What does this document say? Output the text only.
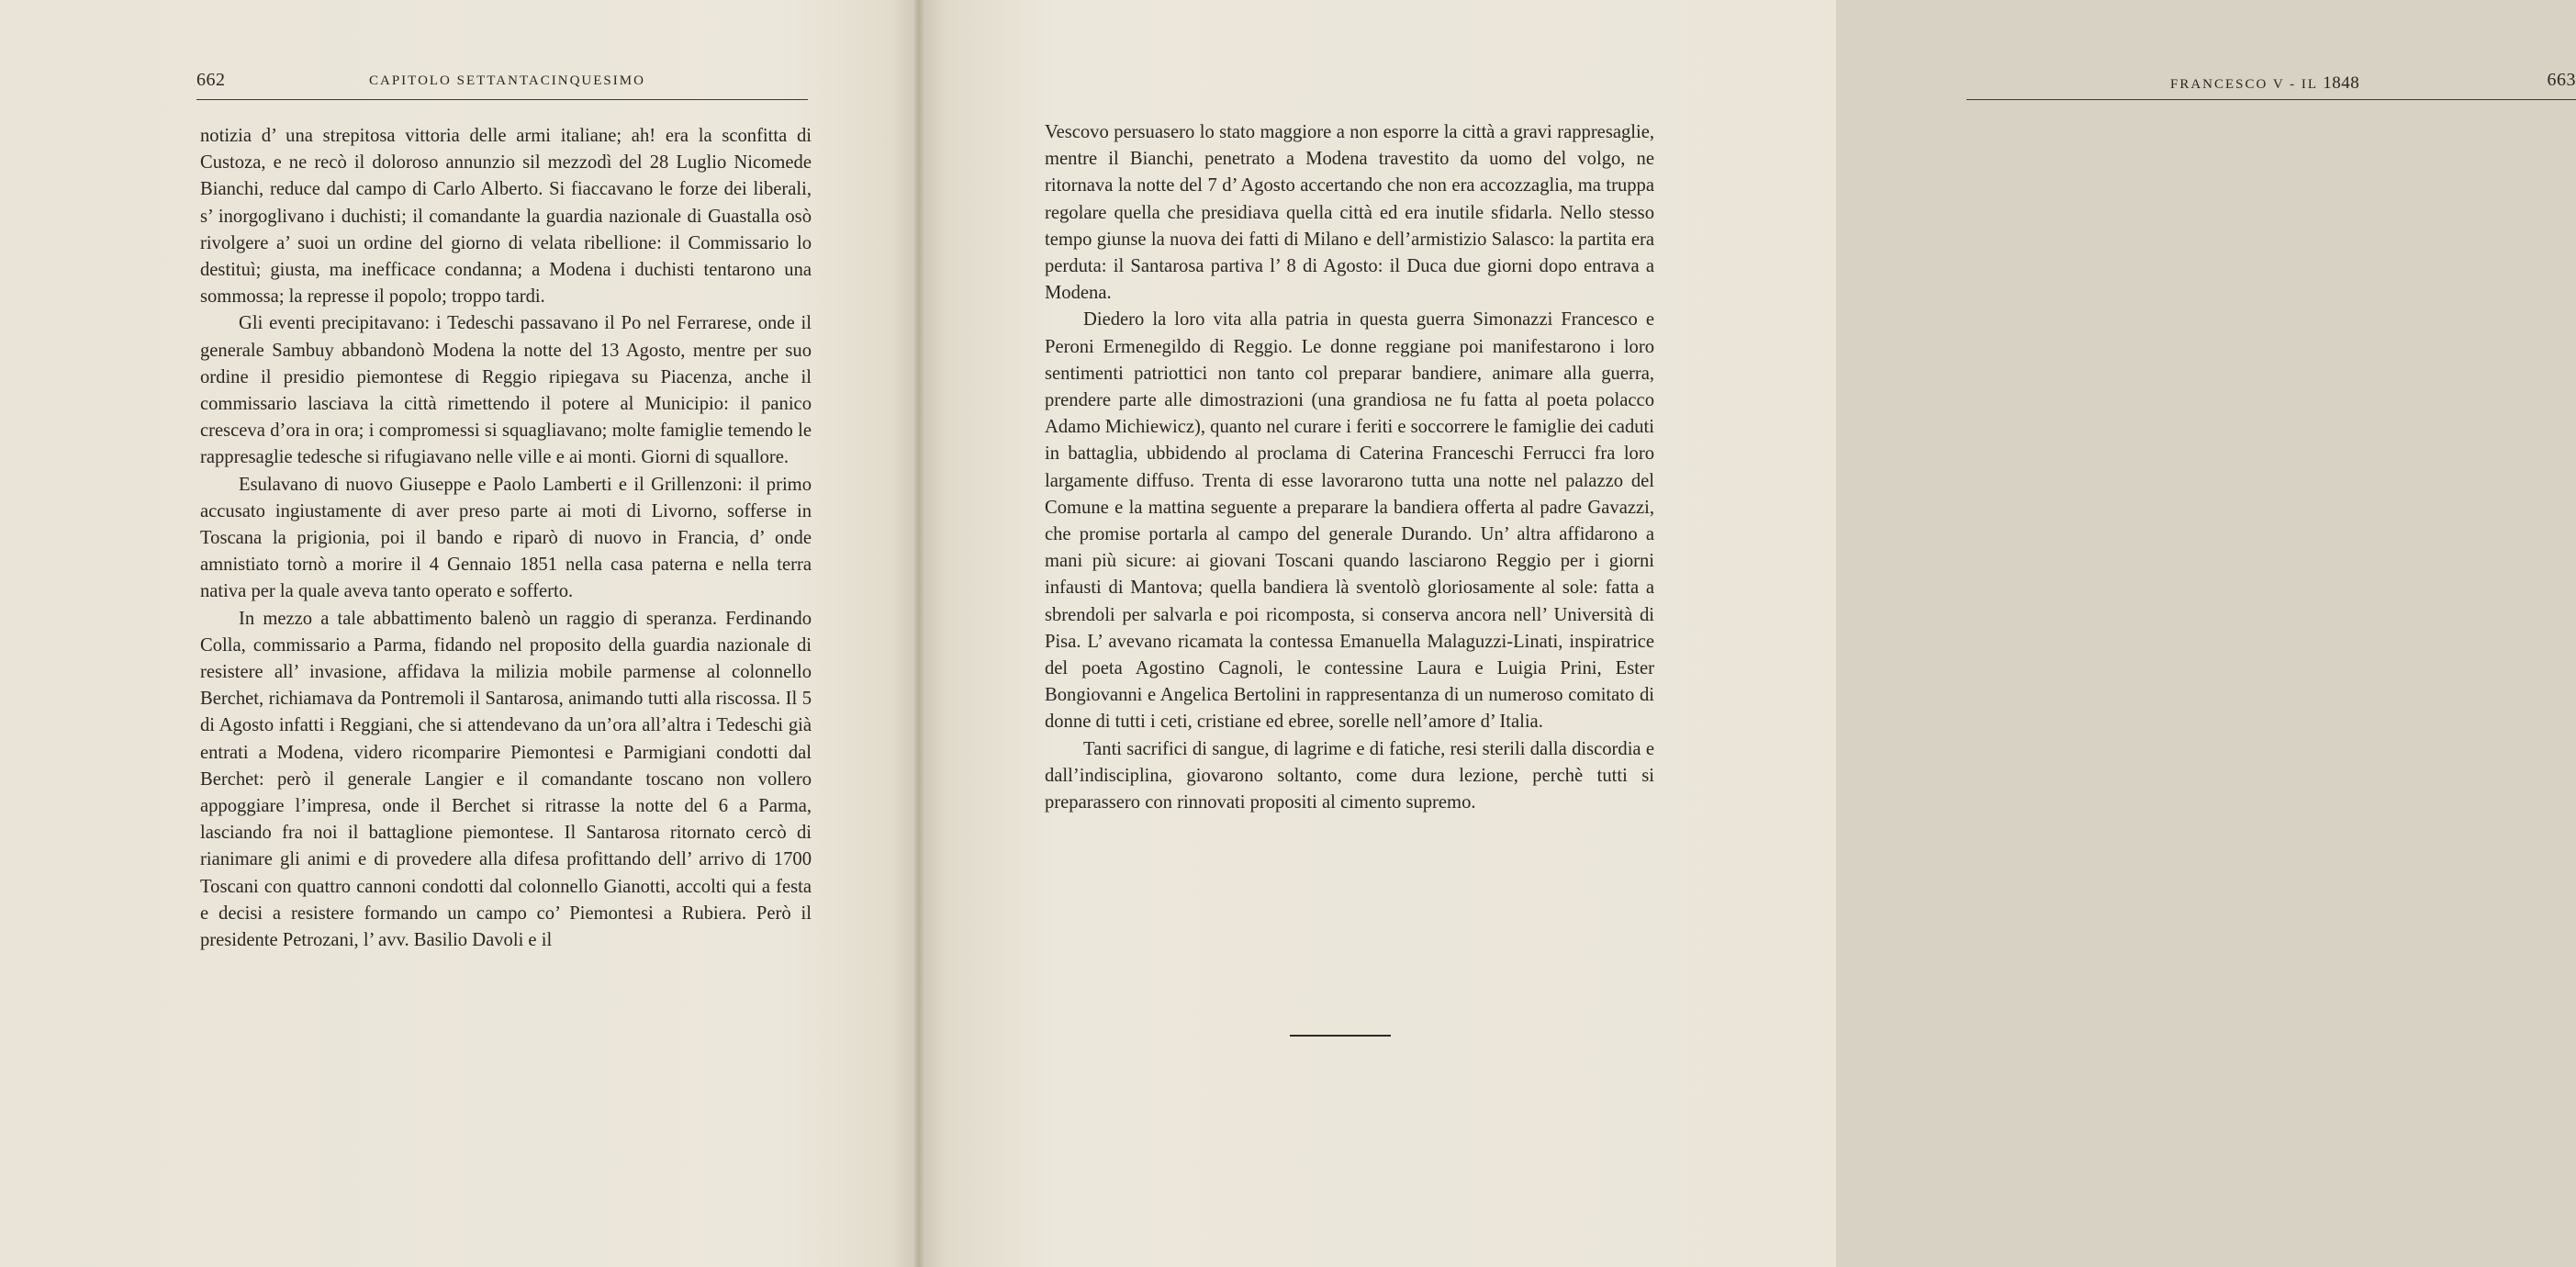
662	CAPITOLO SETTANTACINQUESIMO

notizia d’ una strepitosa vittoria delle armi italiane; ah! era la sconfitta di Custoza, e ne recò il doloroso annunzio sil mezzodì del 28 Luglio Nicomede Bianchi, reduce dal campo di Carlo Alberto. Si fiaccavano le forze dei liberali, s’ inorgoglivano i duchisti; il comandante la guardia nazionale di Guastalla osò rivolgere a’ suoi un ordine del giorno di velata ribellione: il Commissario lo destituì; giusta, ma inefficace condanna; a Modena i duchisti tentarono una sommossa; la represse il popolo; troppo tardi.

Gli eventi precipitavano: i Tedeschi passavano il Po nel Ferrarese, onde il generale Sambuy abbandonò Modena la notte del 13 Agosto, mentre per suo ordine il presidio piemontese di Reggio ripiegava su Piacenza, anche il commissario lasciava la città rimettendo il potere al Municipio: il panico cresceva d’ora in ora; i compromessi si squagliavano; molte famiglie temendo le rappresaglie tedesche si rifugiavano nelle ville e ai monti. Giorni di squallore.

Esulavano di nuovo Giuseppe e Paolo Lamberti e il Grillenzoni: il primo accusato ingiustamente di aver preso parte ai moti di Livorno, sofferse in Toscana la prigionia, poi il bando e riparò di nuovo in Francia, d’ onde amnistiato tornò a morire il 4 Gennaio 1851 nella casa paterna e nella terra nativa per la quale aveva tanto operato e sofferto.

In mezzo a tale abbattimento balenò un raggio di speranza. Ferdinando Colla, commissario a Parma, fidando nel proposito della guardia nazionale di resistere all’ invasione, affidava la milizia mobile parmense al colonnello Berchet, richiamava da Pontremoli il Santarosa, animando tutti alla riscossa. Il 5 di Agosto infatti i Reggiani, che si attendevano da un’ora all’altra i Tedeschi già entrati a Modena, videro ricomparire Piemontesi e Parmigiani condotti dal Berchet: però il generale Langier e il comandante toscano non vollero appoggiare l’impresa, onde il Berchet si ritrasse la notte del 6 a Parma, lasciando fra noi il battaglione piemontese. Il Santarosa ritornato cercò di rianimare gli animi e di provedere alla difesa profittando dell’ arrivo di 1700 Toscani con quattro cannoni condotti dal colonnello Gianotti, accolti qui a festa e decisi a resistere formando un campo co’ Piemontesi a Rubiera. Però il presidente Petrozani, l’ avv. Basilio Davoli e il

FRANCESCO V - IL 1848	663

Vescovo persuasero lo stato maggiore a non esporre la città a gravi rappresaglie, mentre il Bianchi, penetrato a Modena travestito da uomo del volgo, ne ritornava la notte del 7 d’ Agosto accertando che non era accozzaglia, ma truppa regolare quella che presidiava quella città ed era inutile sfidarla. Nello stesso tempo giunse la nuova dei fatti di Milano e dell’armistizio Salasco: la partita era perduta: il Santarosa partiva l’ 8 di Agosto: il Duca due giorni dopo entrava a Modena.

Diedero la loro vita alla patria in questa guerra Simonazzi Francesco e Peroni Ermenegildo di Reggio. Le donne reggiane poi manifestarono i loro sentimenti patriottici non tanto col preparar bandiere, animare alla guerra, prendere parte alle dimostrazioni (una grandiosa ne fu fatta al poeta polacco Adamo Michiewicz), quanto nel curare i feriti e soccorrere le famiglie dei caduti in battaglia, ubbidendo al proclama di Caterina Franceschi Ferrucci fra loro largamente diffuso. Trenta di esse lavorarono tutta una notte nel palazzo del Comune e la mattina seguente a preparare la bandiera offerta al padre Gavazzi, che promise portarla al campo del generale Durando. Un’ altra affidarono a mani più sicure: ai giovani Toscani quando lasciarono Reggio per i giorni infausti di Mantova; quella bandiera là sventolò gloriosamente al sole: fatta a sbrendoli per salvarla e poi ricomposta, si conserva ancora nell’ Università di Pisa. L’ avevano ricamata la contessa Emanuella Malaguzzi-Linati, inspiratrice del poeta Agostino Cagnoli, le contessine Laura e Luigia Prini, Ester Bongiovanni e Angelica Bertolini in rappresentanza di un numeroso comitato di donne di tutti i ceti, cristiane ed ebree, sorelle nell’amore d’ Italia.

Tanti sacrifici di sangue, di lagrime e di fatiche, resi sterili dalla discordia e dall’indisciplina, giovarono soltanto, come dura lezione, perchè tutti si preparassero con rinnovati propositi al cimento supremo.
